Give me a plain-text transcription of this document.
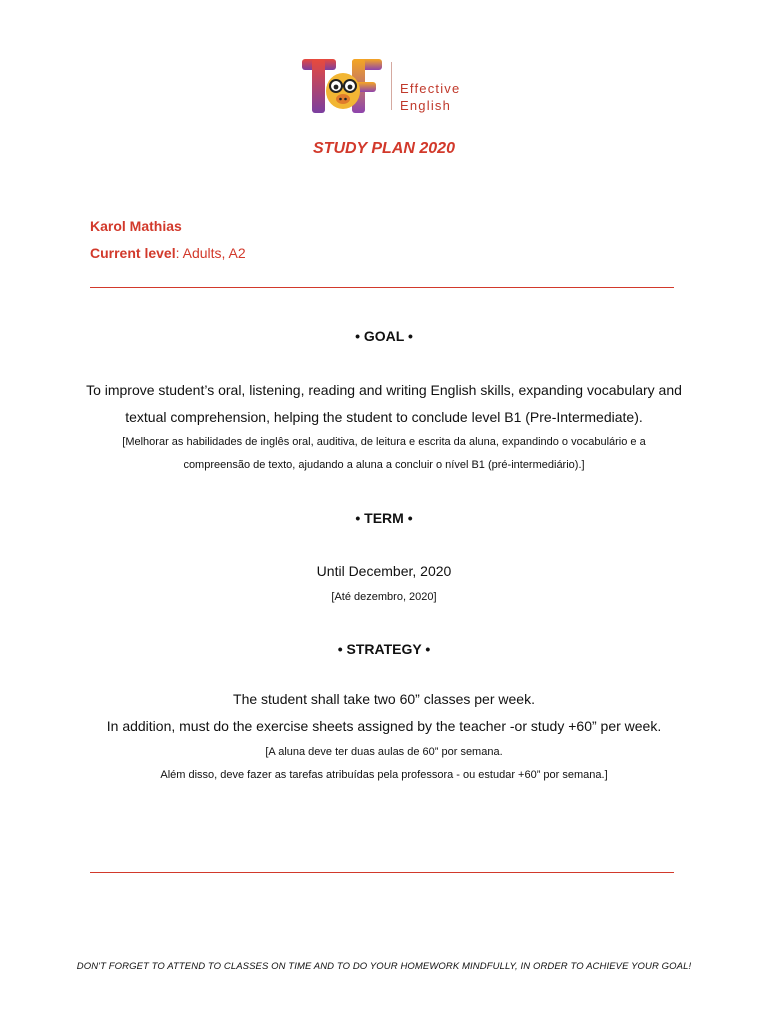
Effective
English
STUDY PLAN 2020
Karol Mathias
Current level: Adults, A2
• GOAL •
To improve student’s oral, listening, reading and writing English skills, expanding vocabulary and
textual comprehension, helping the student to conclude level B1 (Pre-Intermediate).
[Melhorar as habilidades de inglês oral, auditiva, de leitura e escrita da aluna, expandindo o vocabulário e a
compreensão de texto, ajudando a aluna a concluir o nível B1 (pré-intermediário).]
• TERM •
Until December, 2020
[Até dezembro, 2020]
• STRATEGY •
The student shall take two 60” classes per week.
In addition, must do the exercise sheets assigned by the teacher -or study +60” per week.
[A aluna deve ter duas aulas de 60” por semana.
Além disso, deve fazer as tarefas atribuídas pela professora - ou estudar +60” por semana.]
DON'T FORGET TO ATTEND TO CLASSES ON TIME AND TO DO YOUR HOMEWORK MINDFULLY, IN ORDER TO ACHIEVE YOUR GOAL!
